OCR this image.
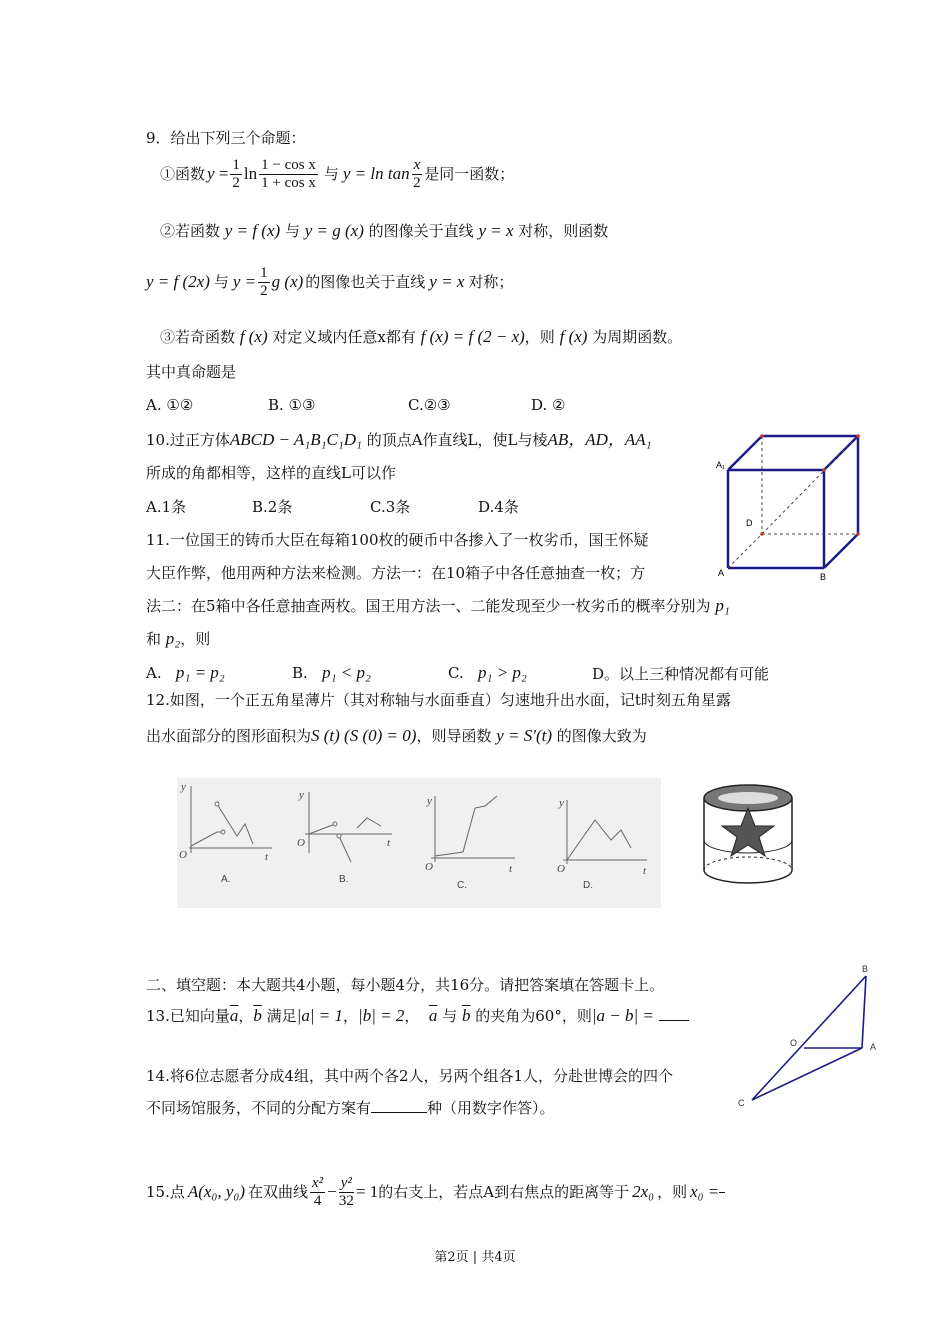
9．给出下列三个命题：
①函数 $y = \frac{1}{2}$ $\ln \frac{\text{1 − cos x}}{\text{1 + cos x}}$ 与 $y = \ln \tan \frac{x}{2}$ 是同一函数；
②若函数 y = f (x) 与 y = g (x) 的图像关于直线 y = x 对称，则函数
y = f (2x) 与 $y = \frac{1}{2}$ g (x) 的图像也关于直线 y = x 对称；
③若奇函数 f (x) 对定义域内任意x都有 f (x) = f (2 − x)，则 f (x) 为周期函数。
其中真命题是
A. ①②	B. ①③	C.②③	D. ②
10.过正方体ABCD − A₁B₁C₁D₁ 的顶点A作直线L，使L与棱AB，AD，AA₁
所成的角都相等，这样的直线L可以作
A.1条	B.2条	C.3条	D.4条
A₁
D
A	B
11.一位国王的铸币大臣在每箱100枚的硬币中各掺入了一枚劣币，国王怀疑
大臣作弊，他用两种方法来检测。方法一：在10箱子中各任意抽查一枚；方
法二：在5箱中各任意抽查两枚。国王用方法一、二能发现至少一枚劣币的概率分别为 p₁
和 p₂，则
A. p₁ = p₂	B. p₁ < p₂	C. p₁ > p₂	D。以上三种情况都有可能
12.如图，一个正五角星薄片（其对称轴与水面垂直）匀速地升出水面，记t时刻五角星露
出水面部分的图形面积为S (t) (S (0) = 0)，则导函数 y = S′(t) 的图像大致为
y
O	t
y
O	t
y
O	t
y
O	t
A.	B.
C.	D.
二、填空题：本大题共4小题，每小题4分，共16分。请把答案填在答题卡上。
13.已知向量$\overline{a}$，$\overline{b}$ 满足|a| = 1，|b| = 2， $\overline{a}$ 与 $\overline{b}$ 的夹角为60°，则|a − b| =
14.将6位志愿者分成4组，其中两个各2人，另两个组各1人，分赴世博会的四个
不同场馆服务，不同的分配方案有	种（用数字作答）。
B
O	A
C
15.点 A(x₀, y₀) 在双曲线 $\frac{\text{x²}}{4} - \frac{\text{y²}}{32} = 1$ 的右支上，若点A到右焦点的距离等于 2x₀ ，则 x₀ =
第2页 | 共4页
